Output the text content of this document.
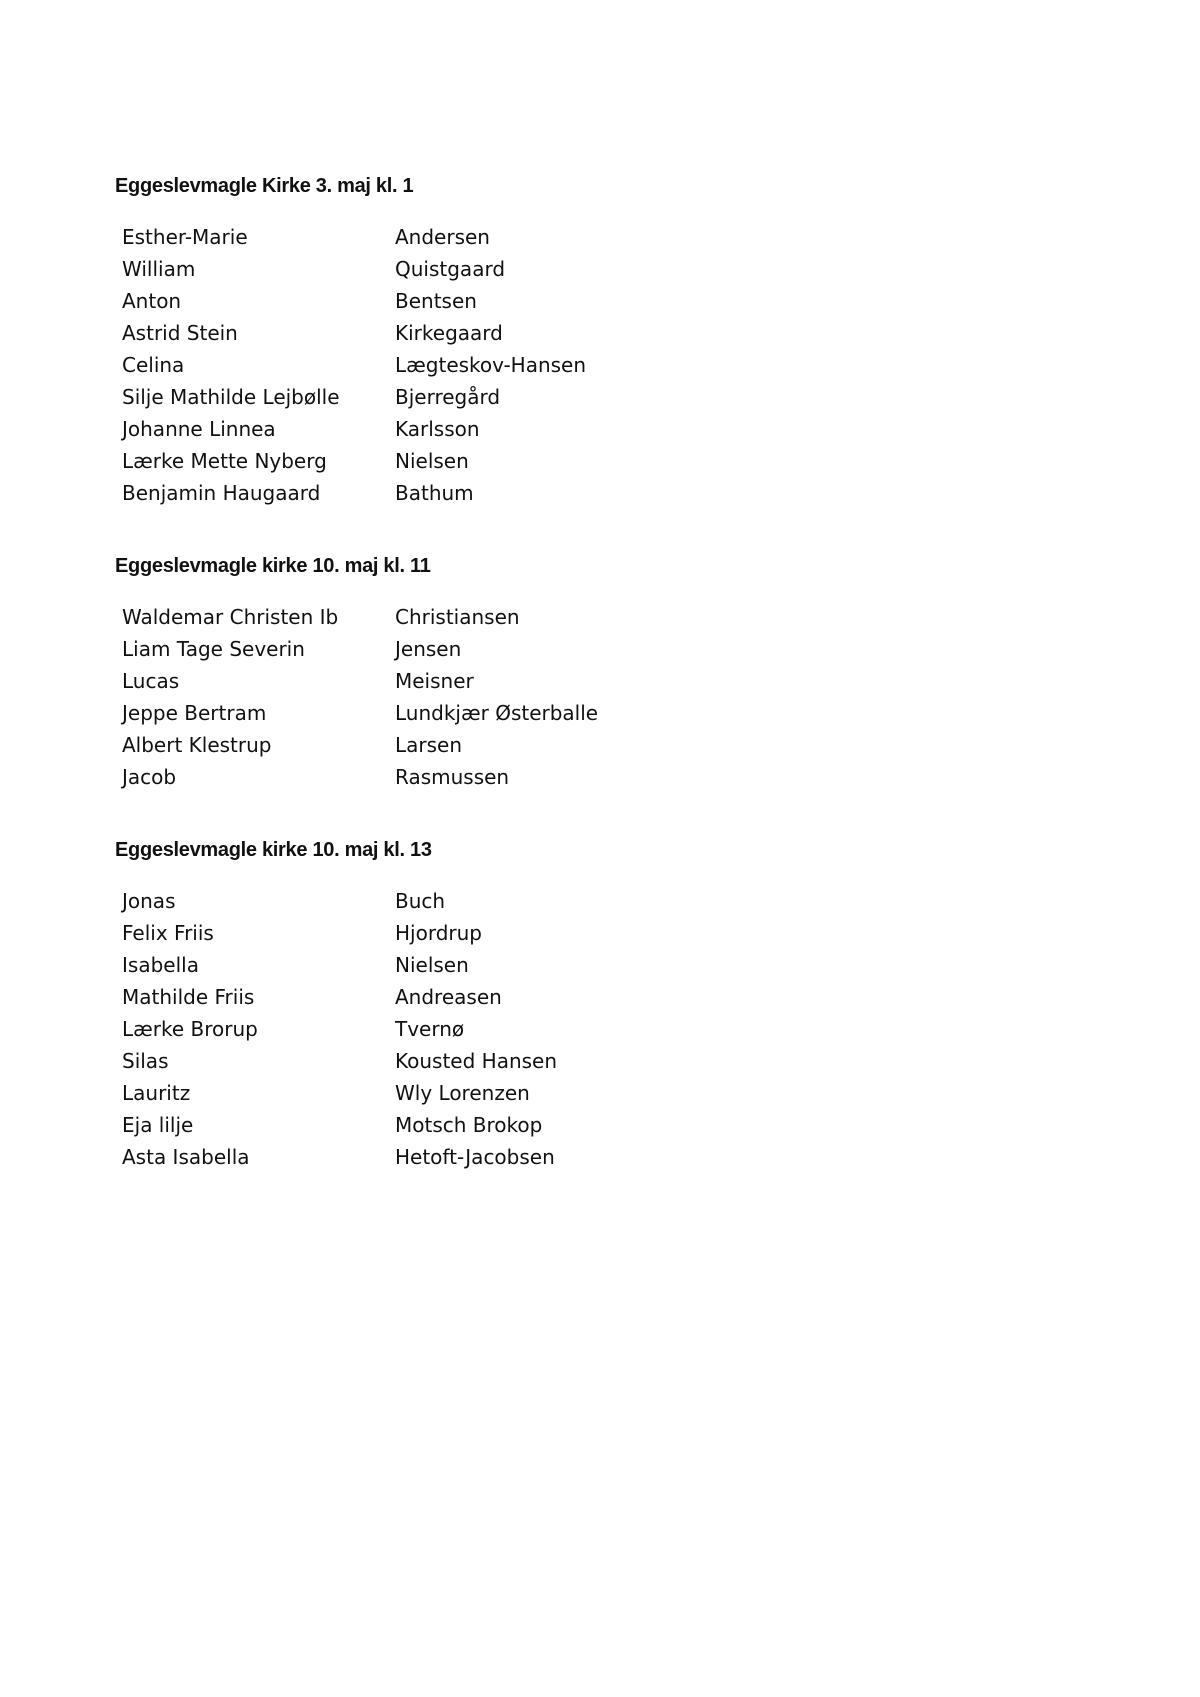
Eggeslevmagle Kirke 3. maj kl. 1
Esther-Marie	Andersen
William	Quistgaard
Anton	Bentsen
Astrid Stein	Kirkegaard
Celina	Lægteskov-Hansen
Silje Mathilde Lejbølle	Bjerregård
Johanne Linnea	Karlsson
Lærke Mette Nyberg	Nielsen
Benjamin Haugaard	Bathum
Eggeslevmagle kirke 10. maj kl. 11
Waldemar Christen Ib	Christiansen
Liam Tage Severin	Jensen
Lucas	Meisner
Jeppe Bertram	Lundkjær Østerballe
Albert Klestrup	Larsen
Jacob	Rasmussen
Eggeslevmagle kirke 10. maj kl. 13
Jonas	Buch
Felix Friis	Hjordrup
Isabella	Nielsen
Mathilde Friis	Andreasen
Lærke Brorup	Tvernø
Silas	Kousted Hansen
Lauritz	Wly Lorenzen
Eja lilje	Motsch Brokop
Asta Isabella	Hetoft-Jacobsen
